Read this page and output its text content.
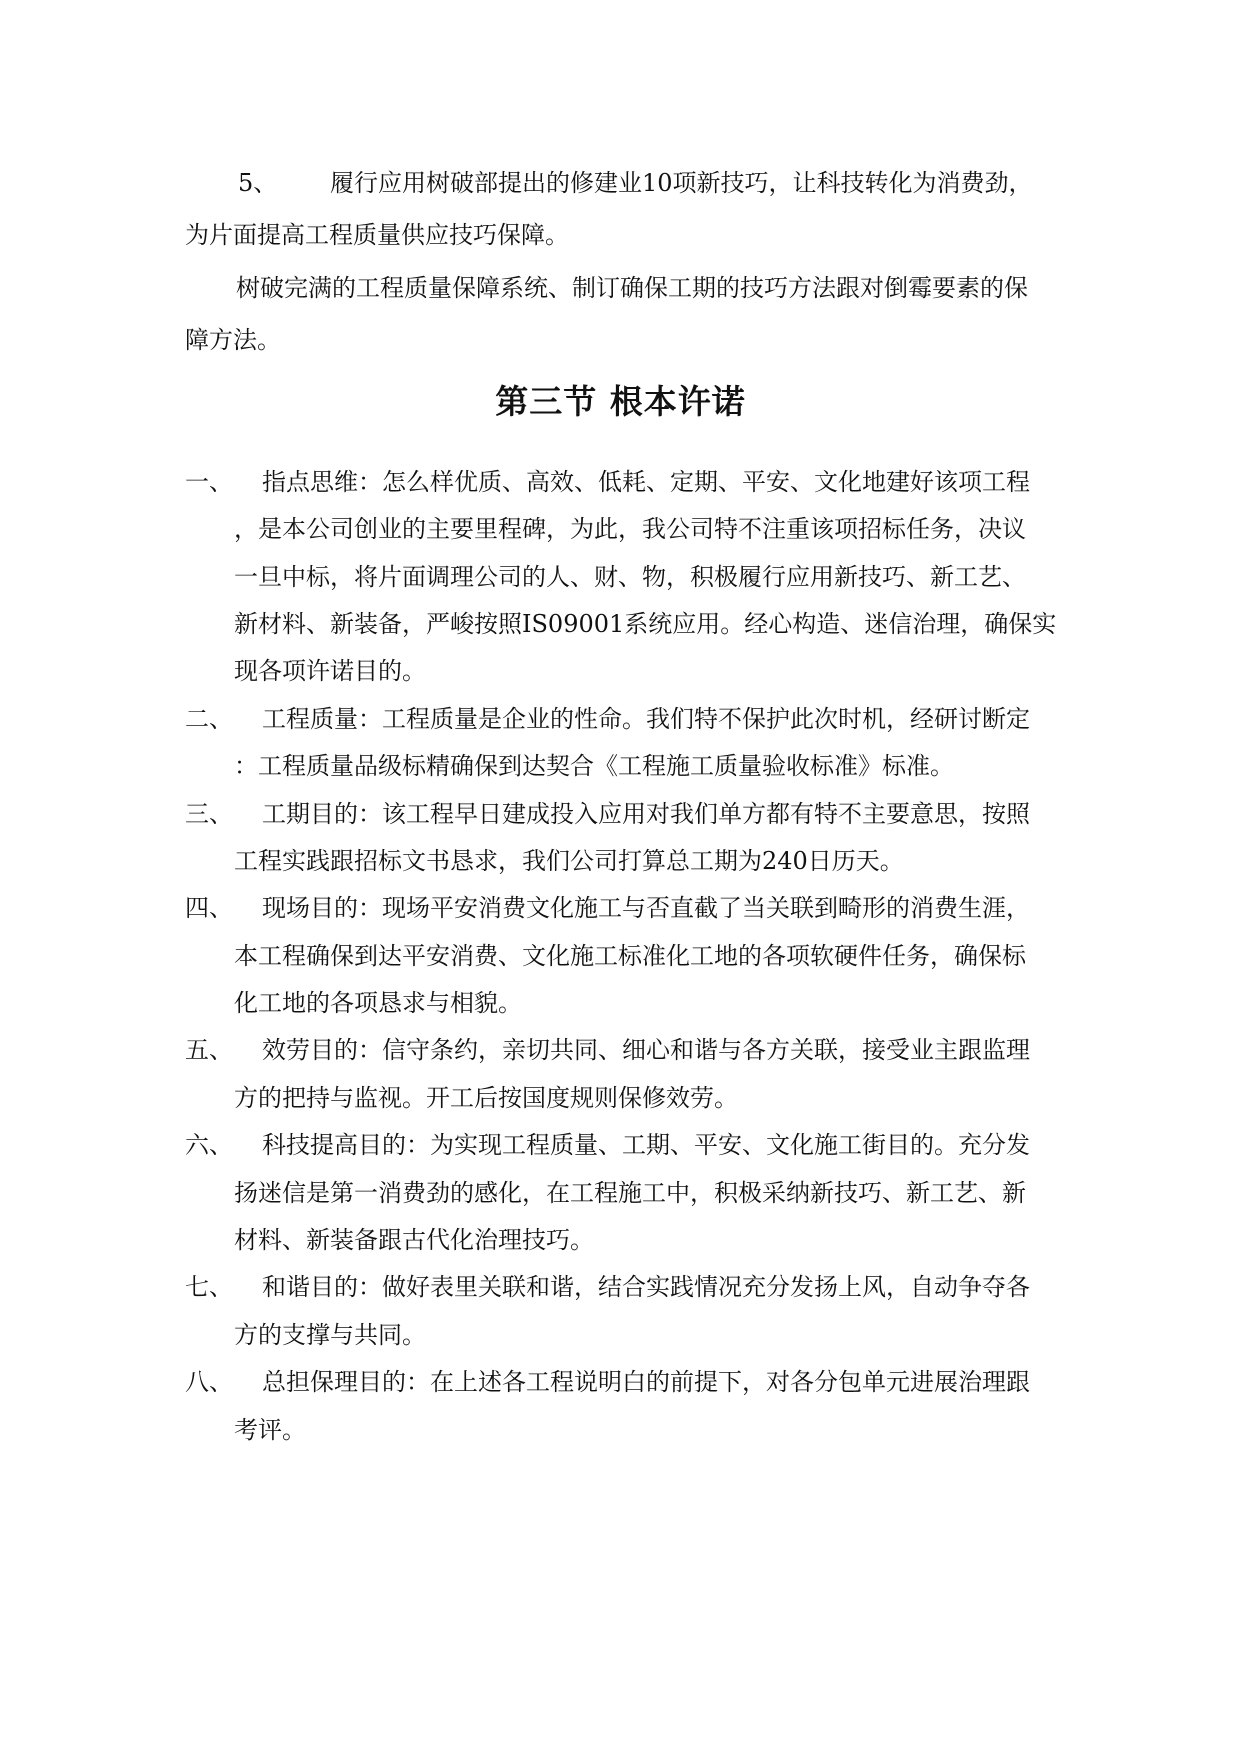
5、 履行应用树破部提出的修建业10项新技巧，让科技转化为消费劲，
为片面提高工程质量供应技巧保障。
树破完满的工程质量保障系统、制订确保工期的技巧方法跟对倒霉要素的保
障方法。
第三节 根本许诺
一、 指点思维：怎么样优质、高效、低耗、定期、平安、文化地建好该项工程
，是本公司创业的主要里程碑，为此，我公司特不注重该项招标任务，决议
一旦中标，将片面调理公司的人、财、物，积极履行应用新技巧、新工艺、
新材料、新装备，严峻按照IS09001系统应用。经心构造、迷信治理，确保实
现各项许诺目的。
二、 工程质量：工程质量是企业的性命。我们特不保护此次时机，经研讨断定
：工程质量品级标精确保到达契合《工程施工质量验收标准》标准。
三、 工期目的：该工程早日建成投入应用对我们单方都有特不主要意思，按照
工程实践跟招标文书恳求，我们公司打算总工期为240日历天。
四、 现场目的：现场平安消费文化施工与否直截了当关联到畸形的消费生涯，
本工程确保到达平安消费、文化施工标准化工地的各项软硬件任务，确保标
化工地的各项恳求与相貌。
五、 效劳目的：信守条约，亲切共同、细心和谐与各方关联，接受业主跟监理
方的把持与监视。开工后按国度规则保修效劳。
六、 科技提高目的：为实现工程质量、工期、平安、文化施工街目的。充分发
扬迷信是第一消费劲的感化，在工程施工中，积极采纳新技巧、新工艺、新
材料、新装备跟古代化治理技巧。
七、 和谐目的：做好表里关联和谐，结合实践情况充分发扬上风，自动争夺各
方的支撑与共同。
八、 总担保理目的：在上述各工程说明白的前提下，对各分包单元进展治理跟
考评。
